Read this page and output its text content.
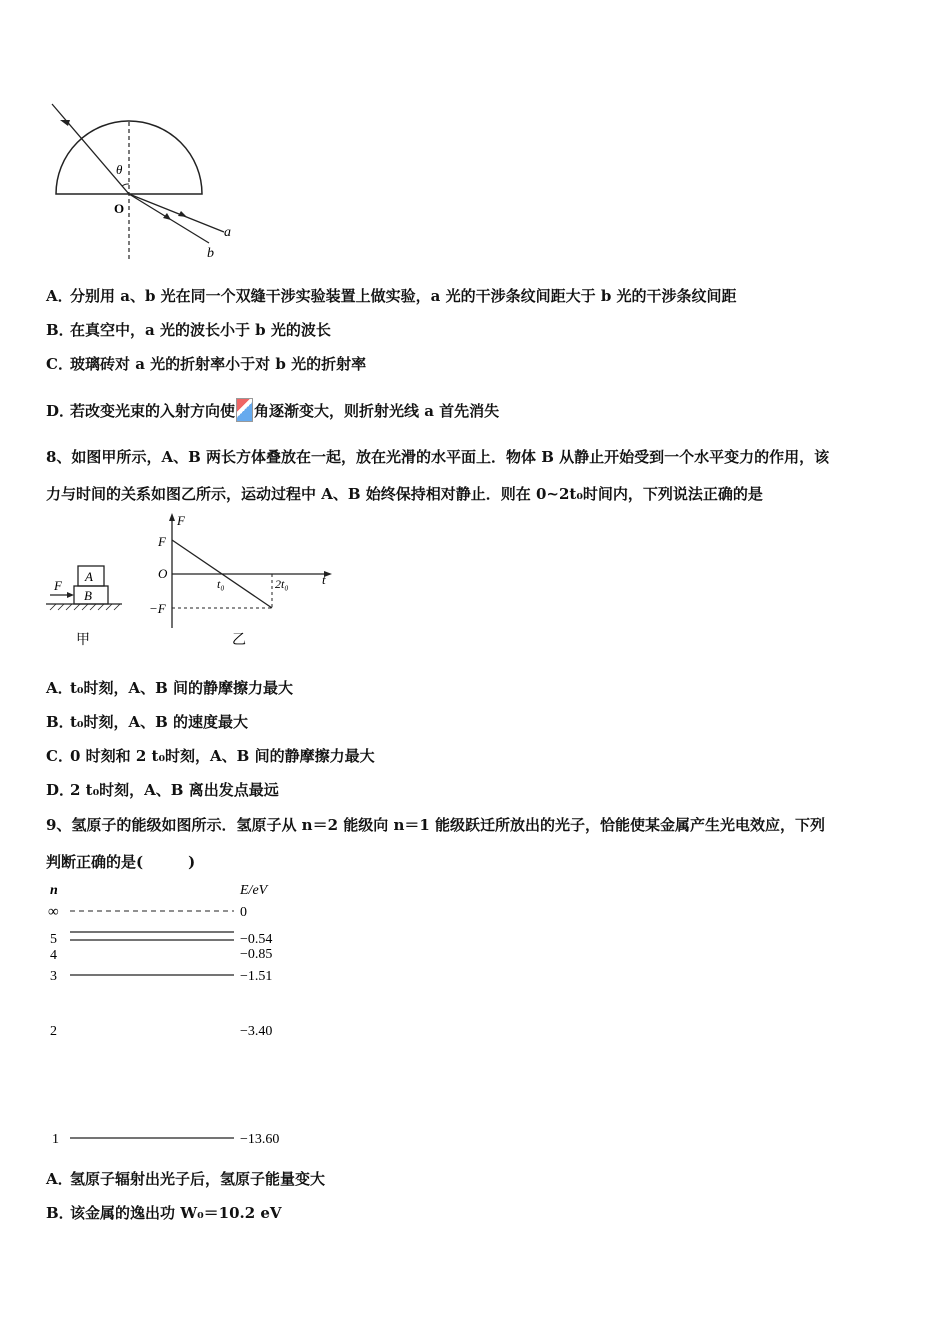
θ
O
a
b
A．分别用 a、b 光在同一个双缝干涉实验装置上做实验，a 光的干涉条纹间距大于 b 光的干涉条纹间距
B．在真空中，a 光的波长小于 b 光的波长
C．玻璃砖对 a 光的折射率小于对 b 光的折射率
D．若改变光束的入射方向使 角逐渐变大，则折射光线 a 首先消失
8、如图甲所示，A、B 两长方体叠放在一起，放在光滑的水平面上．物体 B 从静止开始受到一个水平变力的作用，该
力与时间的关系如图乙所示，运动过程中 A、B 始终保持相对静止．则在 0~2t₀时间内，下列说法正确的是
A
B
F
甲
F
F
O
−F
t₀	2t₀	t
乙
A．t₀时刻，A、B 间的静摩擦力最大
B．t₀时刻，A、B 的速度最大
C．0 时刻和 2 t₀时刻，A、B 间的静摩擦力最大
D．2 t₀时刻，A、B 离出发点最远
9、氢原子的能级如图所示．氢原子从 n＝2 能级向 n＝1 能级跃迁所放出的光子，恰能使某金属产生光电效应，下列
判断正确的是(　　　)
n	E/eV
∞	0
5	−0.54
4	−0.85
3	−1.51
2	−3.40
1	−13.60
A．氢原子辐射出光子后，氢原子能量变大
B．该金属的逸出功 W₀＝10.2 eV
